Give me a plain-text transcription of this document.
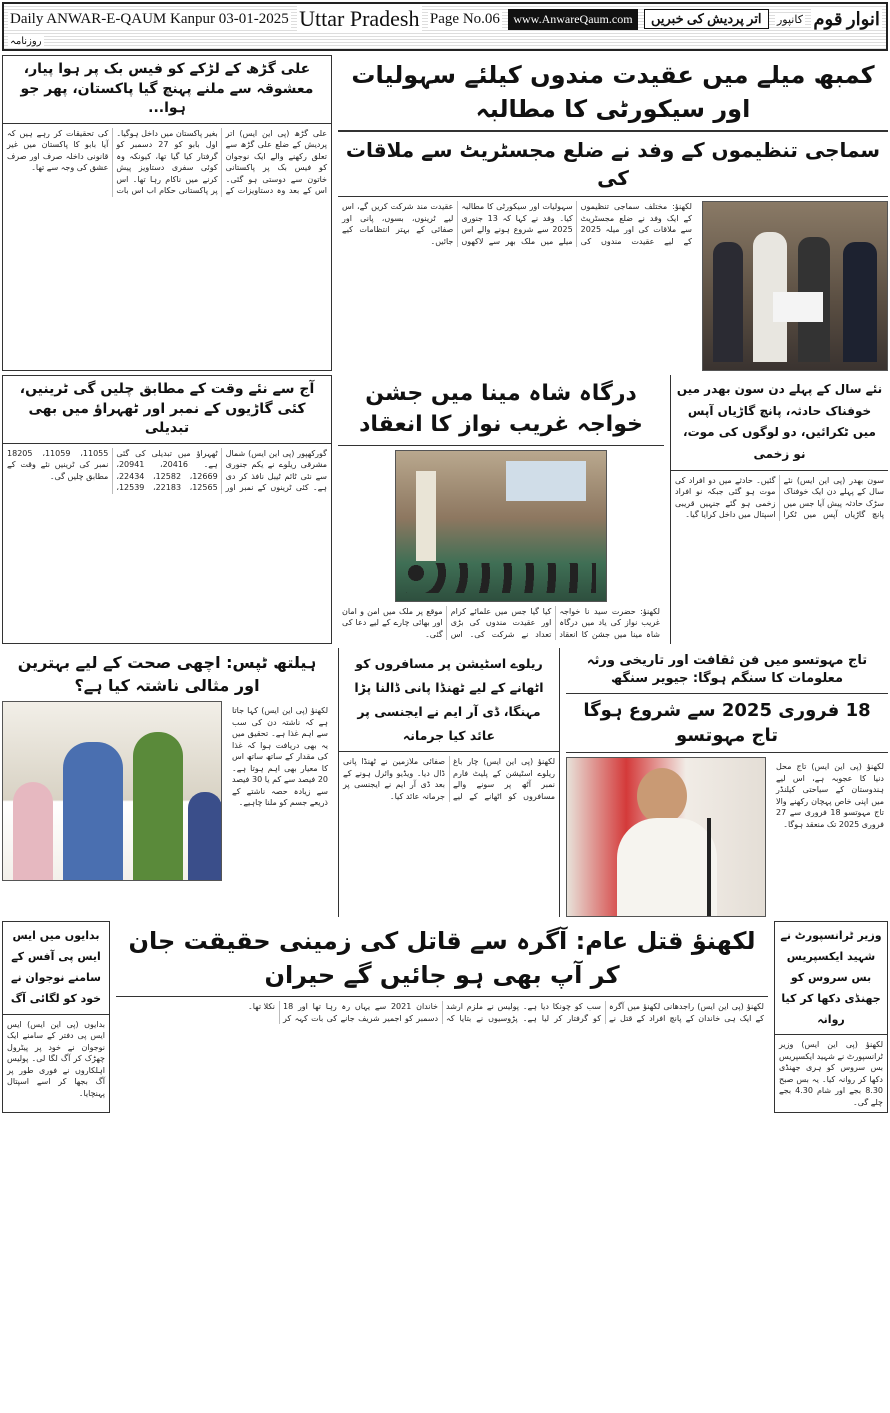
Daily ANWAR-E-QAUM Kanpur 03-01-2025 Uttar Pradesh Page No.06	www.AnwareQaum.com	اتر پردیش کی خبریں	کانپور انوار قوم
روزنامہ
علی گڑھ کے لڑکے کو فیس بک پر ہوا پیار، معشوقہ سے ملنے پہنچ گیا پاکستان، پھر جو ہوا...
علی گڑھ (پی این ایس) اتر پردیش کے ضلع علی گڑھ سے تعلق رکھنے والے ایک نوجوان کو فیس بک پر پاکستانی خاتون سے دوستی ہو گئی۔ اس کے بعد وہ دستاویزات کے بغیر پاکستان میں داخل ہوگیا۔ اول بابو کو 27 دسمبر کو گرفتار کیا گیا تھا، کیونکہ وہ کوئی سفری دستاویز پیش کرنے میں ناکام رہا تھا۔ اس پر پاکستانی حکام اب اس بات کی تحقیقات کر رہے ہیں کہ آیا بابو کا پاکستان میں غیر قانونی داخلہ صرف اور صرف عشق کی وجہ سے تھا۔
کمبھ میلے میں عقیدت مندوں کیلئے سہولیات اور سیکورٹی کا مطالبہ
سماجی تنظیموں کے وفد نے ضلع مجسٹریٹ سے ملاقات کی
لکھنؤ: مختلف سماجی تنظیموں کے ایک وفد نے ضلع مجسٹریٹ سے ملاقات کی اور میلہ 2025 کے لیے عقیدت مندوں کی سہولیات اور سیکورٹی کا مطالبہ کیا۔ وفد نے کہا کہ 13 جنوری 2025 سے شروع ہونے والے اس میلے میں ملک بھر سے لاکھوں عقیدت مند شرکت کریں گے، اس لیے ٹرینوں، بسوں، پانی اور صفائی کے بہتر انتظامات کیے جائیں۔
آج سے نئے وقت کے مطابق چلیں گی ٹرینیں، کئی گاڑیوں کے نمبر اور ٹھہراؤ میں بھی تبدیلی
گورکھپور (پی این ایس) شمال مشرقی ریلوے نے یکم جنوری سے نئی ٹائم ٹیبل نافذ کر دی ہے۔ کئی ٹرینوں کے نمبر اور ٹھہراؤ میں تبدیلی کی گئی ہے۔ 20416، 20941، 12669، 12582، 22434، 12565، 22183، 12539، 11055، 11059، 18205 نمبر کی ٹرینیں نئے وقت کے مطابق چلیں گی۔
درگاہ شاہ مینا میں جشن خواجہ غریب نواز کا انعقاد
لکھنؤ: حضرت سید نا خواجہ غریب نواز کی یاد میں درگاہ شاہ مینا میں جشن کا انعقاد کیا گیا جس میں علمائے کرام اور عقیدت مندوں کی بڑی تعداد نے شرکت کی۔ اس موقع پر ملک میں امن و امان اور بھائی چارے کے لیے دعا کی گئی۔
نئے سال کے پہلے دن سون بھدر میں خوفناک حادثہ، پانچ گاڑیاں آپس میں ٹکرائیں، دو لوگوں کی موت، نو زخمی
سون بھدر (پی این ایس) نئے سال کے پہلے دن ایک خوفناک سڑک حادثہ پیش آیا جس میں پانچ گاڑیاں آپس میں ٹکرا گئیں۔ حادثے میں دو افراد کی موت ہو گئی جبکہ نو افراد زخمی ہو گئے جنہیں قریبی اسپتال میں داخل کرایا گیا۔
ہیلتھ ٹپس: اچھی صحت کے لیے بہترین اور مثالی ناشتہ کیا ہے؟
لکھنؤ (پی این ایس) کہا جاتا ہے کہ ناشتہ دن کی سب سے اہم غذا ہے۔ تحقیق میں یہ بھی دریافت ہوا کہ غذا کی مقدار کے ساتھ ساتھ اس کا معیار بھی اہم ہوتا ہے۔ 20 فیصد سے کم یا 30 فیصد سے زیادہ حصہ ناشتے کے ذریعے جسم کو ملنا چاہیے۔
ریلوے اسٹیشن پر مسافروں کو اٹھانے کے لیے ٹھنڈا پانی ڈالنا پڑا مہنگا، ڈی آر ایم نے ایجنسی پر عائد کیا جرمانہ
لکھنؤ (پی این ایس) چار باغ ریلوے اسٹیشن کے پلیٹ فارم نمبر آٹھ پر سونے والے مسافروں کو اٹھانے کے لیے صفائی ملازمین نے ٹھنڈا پانی ڈال دیا۔ ویڈیو وائرل ہونے کے بعد ڈی آر ایم نے ایجنسی پر جرمانہ عائد کیا۔
تاج مہوتسو میں فن ثقافت اور تاریخی ورثہ معلومات کا سنگم ہوگا: جیویر سنگھ
18 فروری 2025 سے شروع ہوگا تاج مہوتسو
لکھنؤ (پی این ایس) تاج محل دنیا کا عجوبہ ہے، اس لیے ہندوستان کے سیاحتی کیلنڈر میں اپنی خاص پہچان رکھنے والا تاج مہوتسو 18 فروری سے 27 فروری 2025 تک منعقد ہوگا۔
بدایوں میں ایس ایس پی آفس کے سامنے نوجوان نے خود کو لگائی آگ
بدایوں (پی این ایس) ایس ایس پی دفتر کے سامنے ایک نوجوان نے خود پر پیٹرول چھڑک کر آگ لگا لی۔ پولیس اہلکاروں نے فوری طور پر آگ بجھا کر اسے اسپتال پہنچایا۔
لکھنؤ قتل عام: آگرہ سے قاتل کی زمینی حقیقت جان کر آپ بھی ہو جائیں گے حیران
لکھنؤ (پی این ایس) راجدھانی لکھنؤ میں آگرہ کے ایک ہی خاندان کے پانچ افراد کے قتل نے سب کو چونکا دیا ہے۔ پولیس نے ملزم ارشد کو گرفتار کر لیا ہے۔ پڑوسیوں نے بتایا کہ خاندان 2021 سے یہاں رہ رہا تھا اور 18 دسمبر کو اجمیر شریف جانے کی بات کہہ کر نکلا تھا۔
وزیر ٹرانسپورٹ نے شہید ایکسپریس بس سروس کو جھنڈی دکھا کر کیا روانہ
لکھنؤ (پی این ایس) وزیر ٹرانسپورٹ نے شہید ایکسپریس بس سروس کو ہری جھنڈی دکھا کر روانہ کیا۔ یہ بس صبح 8.30 بجے اور شام 4.30 بجے چلے گی۔
